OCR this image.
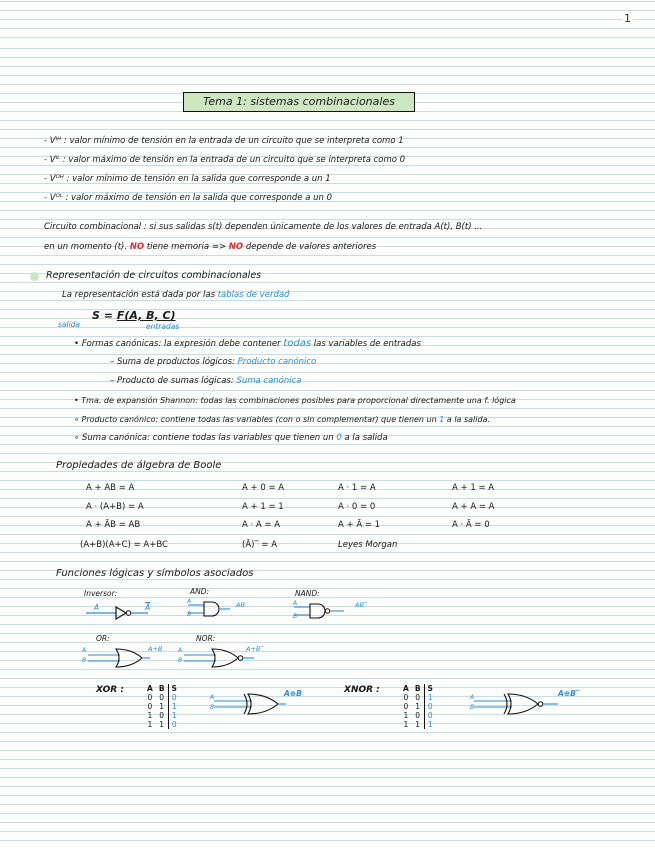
1
Tema 1: sistemas combinacionales
- Vᴵᴴ : valor mínimo de tensión en la entrada de un circuito que se interpreta como 1
- Vᴵᴸ : valor máximo de tensión en la entrada de un circuito que se interpreta como 0
- Vᴼᴴ : valor mínimo de tensión en la salida que corresponde a un 1
- Vᴼᴸ : valor máximo de tensión en la salida que corresponde a un 0
Circuito combinacional : si sus salidas s(t) dependen únicamente de los valores de entrada A(t), B(t) ...
en un momento (t). NO tiene memoria => NO depende de valores anteriores
Representación de circuitos combinacionales
La representación está dada por las tablas de verdad
S = F(A, B, C)
salida	entradas
• Formas canónicas: la expresión debe contener todas las variables de entradas
– Suma de productos lógicos: Producto canónico
– Producto de sumas lógicas: Suma canónica
• Tma. de expansión Shannon: todas las combinaciones posibles para proporcional directamente una f. lógica
∘ Producto canónico: contiene todas las variables (con o sin complementar) que tienen un 1 a la salida.
∘ Suma canónica: contiene todas las variables que tienen un 0 a la salida
Propiedades de álgebra de Boole
A + AB = A	A + 0 = A	A · 1 = A	A + 1 = A
A · (A+B) = A	A + 1 = 1	A · 0 = 0	A + A = A
A + ĀB = AB	A · A = A	A + Ā = 1	A · Ā = 0
(A+B)(A+C) = A+BC	(Ā)‾ = A	Leyes Morgan
Funciones lógicas y símbolos asociados
Inversor:
A	$\overline{Ā}$
AND:
A
B
AB
NAND:
A
B
AB‾
OR:
A
B
A+B
NOR:
A
B
A+B‾
XOR :	A	B	S
0	0	0
0	1	1
1	0	1
1	1	0
A
B
A⊕B	XNOR :	A	B	S
0	0	1
0	1	0
1	0	0
1	1	1
A
B
A⊕B‾
